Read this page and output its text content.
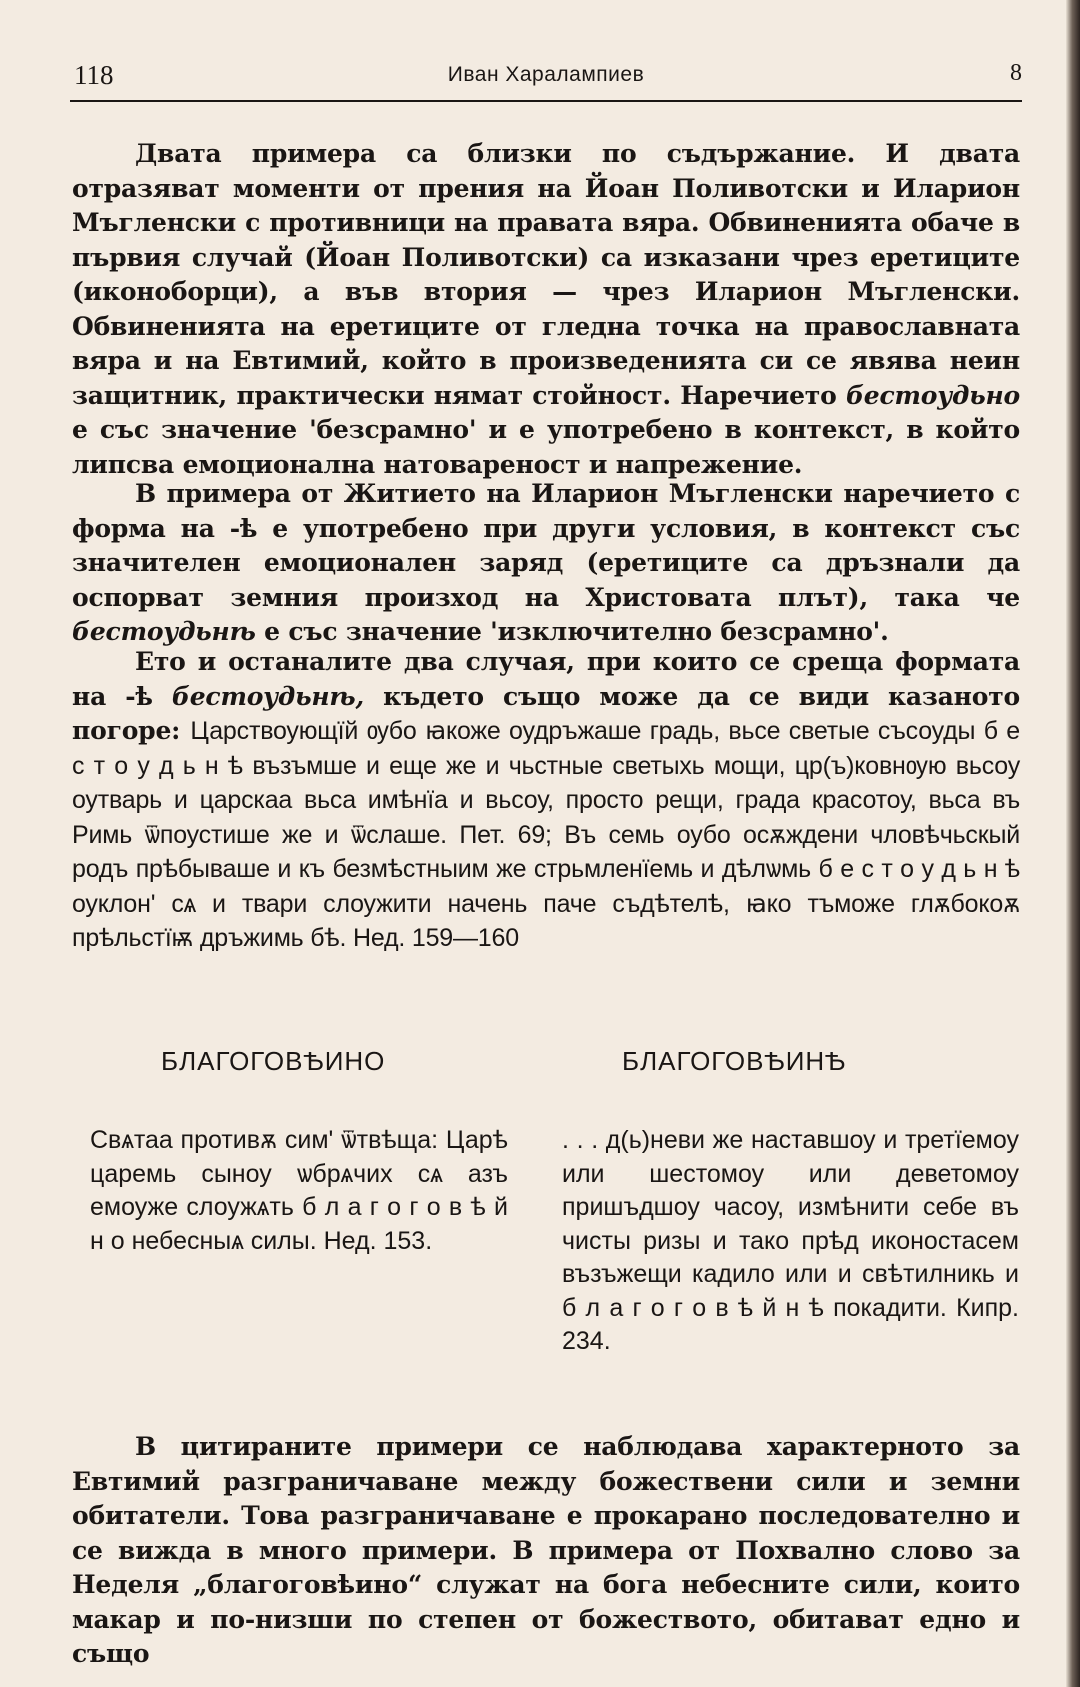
118	Иван Харалампиев	8

Двата примера са близки по съдържание. И двата отразяват моменти от прения на Йоан Поливотски и Иларион Мъгленски с противници на правата вяра. Обвиненията обаче в първия случай (Йоан Поливотски) са изказани чрез еретиците (иконоборци), а във втория — чрез Иларион Мъгленски. Обвиненията на еретиците от гледна точка на православната вяра и на Евтимий, който в произведенията си се явява неин защитник, практически нямат стойност. Наречието бестоудьно е със значение 'безсрамно' и е употребено в контекст, в който липсва емоционална натовареност и напрежение.

В примера от Житието на Иларион Мъгленски наречието с форма на -ѣ е употребено при други условия, в контекст със значителен емоционален заряд (еретиците са дръзнали да оспорват земния произход на Христовата плът), така че бестоудьнѣ е със значение 'изключително безсрамно'.

Ето и останалите два случая, при които се среща формата на -ѣ бестоудьнѣ, където също може да се види казаното погоре: Царствоующїй ѹбо ꙗкоже оудръжаше градь, вьсе светые съсоуды б е с т о у д ь н ѣ възъмше и еще же и чьстные светыхь мощи, цр(ъ)ковнѹю вьсоу оутварь и царскаа вьса имѣнїа и вьсоу, просто рещи, града красотоу, вьса въ Римь ѿпоустише же и ѿслаше. Пет. 69; Въ семь оубо осѫждени чловѣчьскый родъ прѣбываше и къ безмѣстныим же стрьмленїемь и дѣлѡмь б е с т о у д ь н ѣ оуклон' сѧ и твари слоужити начень паче съдѣтелѣ, ꙗко тъможе глѫбокоѫ прѣльстїѭ дръжимь бѣ. Нед. 159—160

БЛАГОГОВѢИНО	БЛАГОГОВѢИНѢ

Свѧтаа противѫ сим' ѿтвѣща: Царѣ царемь сыноу ѡбрѧчих сѧ азъ емоуже слоужѧть б л а г о г о в ѣ й н о небесныѧ силы. Нед. 153.

. . . д(ь)неви же наставшоу и третїемоу или шестомоу или деветомоу пришъдшоу часоу, измѣнити себе въ чисты ризы и тако прѣд иконостасем възъжещи кадило или и свѣтилникь и б л а г о г о в ѣ й н ѣ покадити. Кипр. 234.

В цитираните примери се наблюдава характерното за Евтимий разграничаване между божествени сили и земни обитатели. Това разграничаване е прокарано последователно и се вижда в много примери. В примера от Похвално слово за Неделя „благоговѣино“ служат на бога небесните сили, които макар и по-низши по степен от божеството, обитават едно и също
